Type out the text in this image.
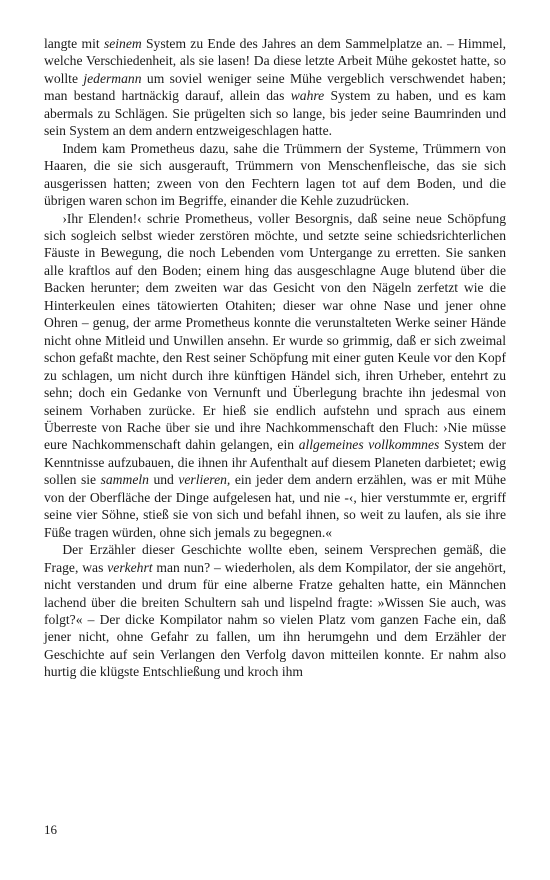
langte mit seinem System zu Ende des Jahres an dem Sammelplatze an. – Himmel, welche Verschiedenheit, als sie lasen! Da diese letzte Arbeit Mühe gekostet hatte, so wollte jedermann um soviel weniger seine Mühe vergeblich verschwendet haben; man bestand hartnäckig darauf, allein das wahre System zu haben, und es kam abermals zu Schlägen. Sie prügelten sich so lange, bis jeder seine Baumrinden und sein System an dem andern entzweigeschlagen hatte.

Indem kam Prometheus dazu, sahe die Trümmern der Systeme, Trümmern von Haaren, die sie sich ausgerauft, Trümmern von Menschenfleische, das sie sich ausgerissen hatten; zween von den Fechtern lagen tot auf dem Boden, und die übrigen waren schon im Begriffe, einander die Kehle zuzudrücken.

›Ihr Elenden!‹ schrie Prometheus, voller Besorgnis, daß seine neue Schöpfung sich sogleich selbst wieder zerstören möchte, und setzte seine schiedsrichterlichen Fäuste in Bewegung, die noch Lebenden vom Untergange zu erretten. Sie sanken alle kraftlos auf den Boden; einem hing das ausgeschlagne Auge blutend über die Backen herunter; dem zweiten war das Gesicht von den Nägeln zerfetzt wie die Hinterkeulen eines tätowierten Otahiten; dieser war ohne Nase und jener ohne Ohren – genug, der arme Prometheus konnte die verunstalteten Werke seiner Hände nicht ohne Mitleid und Unwillen ansehn. Er wurde so grimmig, daß er sich zweimal schon gefaßt machte, den Rest seiner Schöpfung mit einer guten Keule vor den Kopf zu schlagen, um nicht durch ihre künftigen Händel sich, ihren Urheber, entehrt zu sehn; doch ein Gedanke von Vernunft und Überlegung brachte ihn jedesmal von seinem Vorhaben zurücke. Er hieß sie endlich aufstehn und sprach aus einem Überreste von Rache über sie und ihre Nachkommenschaft den Fluch: ›Nie müsse eure Nachkommenschaft dahin gelangen, ein allgemeines vollkommnes System der Kenntnisse aufzubauen, die ihnen ihr Aufenthalt auf diesem Planeten darbietet; ewig sollen sie sammeln und verlieren, ein jeder dem andern erzählen, was er mit Mühe von der Oberfläche der Dinge aufgelesen hat, und nie -‹, hier verstummte er, ergriff seine vier Söhne, stieß sie von sich und befahl ihnen, so weit zu laufen, als sie ihre Füße tragen würden, ohne sich jemals zu begegnen.«

Der Erzähler dieser Geschichte wollte eben, seinem Versprechen gemäß, die Frage, was verkehrt man nun? – wiederholen, als dem Kompilator, der sie angehört, nicht verstanden und drum für eine alberne Fratze gehalten hatte, ein Männchen lachend über die breiten Schultern sah und lispelnd fragte: »Wissen Sie auch, was folgt?« – Der dicke Kompilator nahm so vielen Platz vom ganzen Fache ein, daß jener nicht, ohne Gefahr zu fallen, um ihn herumgehn und dem Erzähler der Geschichte auf sein Verlangen den Verfolg davon mitteilen konnte. Er nahm also hurtig die klügste Entschließung und kroch ihm

16
